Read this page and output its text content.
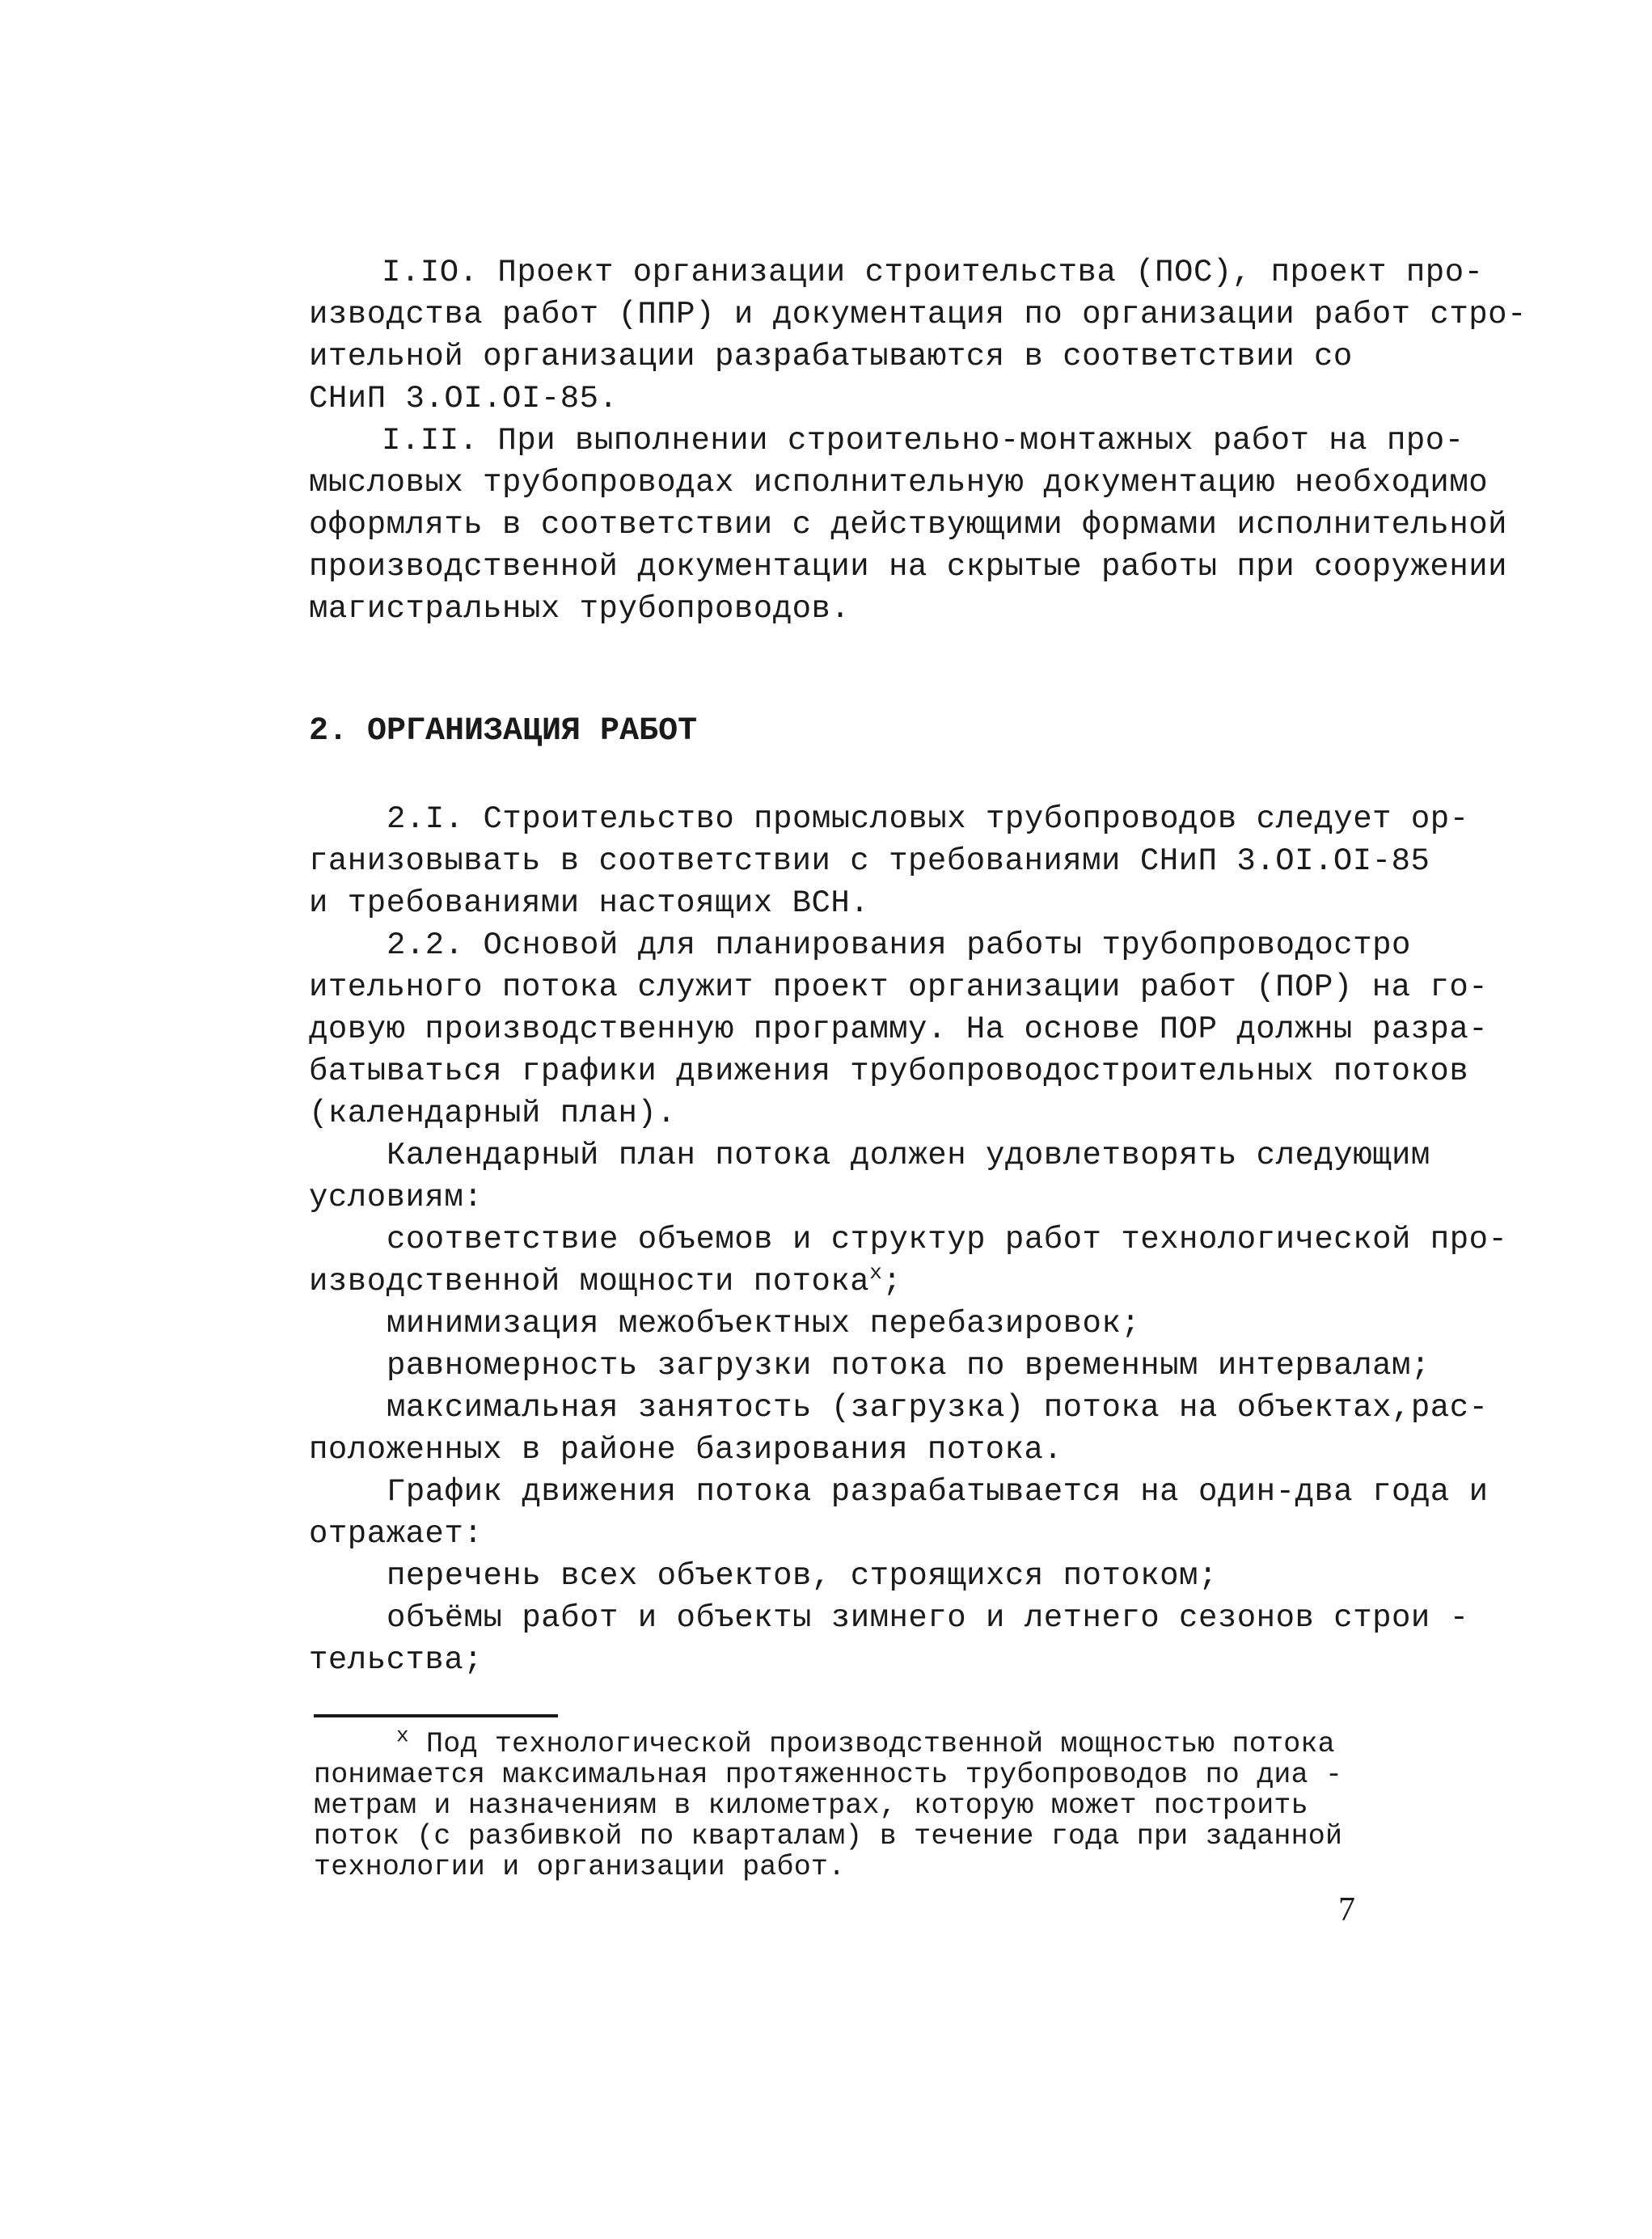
I.IO. Проект организации строительства (ПОС), проект про-
изводства работ (ППР) и документация по организации работ стро-
ительной организации разрабатываются в соответствии со
СНиП 3.OI.OI-85.
I.II. При выполнении строительно-монтажных работ на про-
мысловых трубопроводах исполнительную документацию необходимо
оформлять в соответствии с действующими формами исполнительной
производственной документации на скрытые работы при сооружении
магистральных трубопроводов.
2. ОРГАНИЗАЦИЯ РАБОТ
2.I. Строительство промысловых трубопроводов следует ор-
ганизовывать в соответствии с требованиями СНиП 3.OI.OI-85
и требованиями настоящих ВСН.
2.2. Основой для планирования работы трубопроводостро
ительного потока служит проект организации работ (ПОР) на го-
довую производственную программу. На основе ПОР должны разра-
батываться графики движения трубопроводостроительных потоков
(календарный план).
Календарный план потока должен удовлетворять следующим
условиям:
соответствие объемов и структур работ технологической про-
изводственной мощности потока$^x$;
минимизация межобъектных перебазировок;
равномерность загрузки потока по временным интервалам;
максимальная занятость (загрузка) потока на объектах,рас-
положенных в районе базирования потока.
График движения потока разрабатывается на один-два года и
отражает:
перечень всех объектов, строящихся потоком;
объёмы работ и объекты зимнего и летнего сезонов строи -
тельства;
$^x$ Под технологической производственной мощностью потока
понимается максимальная протяженность трубопроводов по диа -
метрам и назначениям в километрах, которую может построить
поток (с разбивкой по кварталам) в течение года при заданной
технологии и организации работ.
7
